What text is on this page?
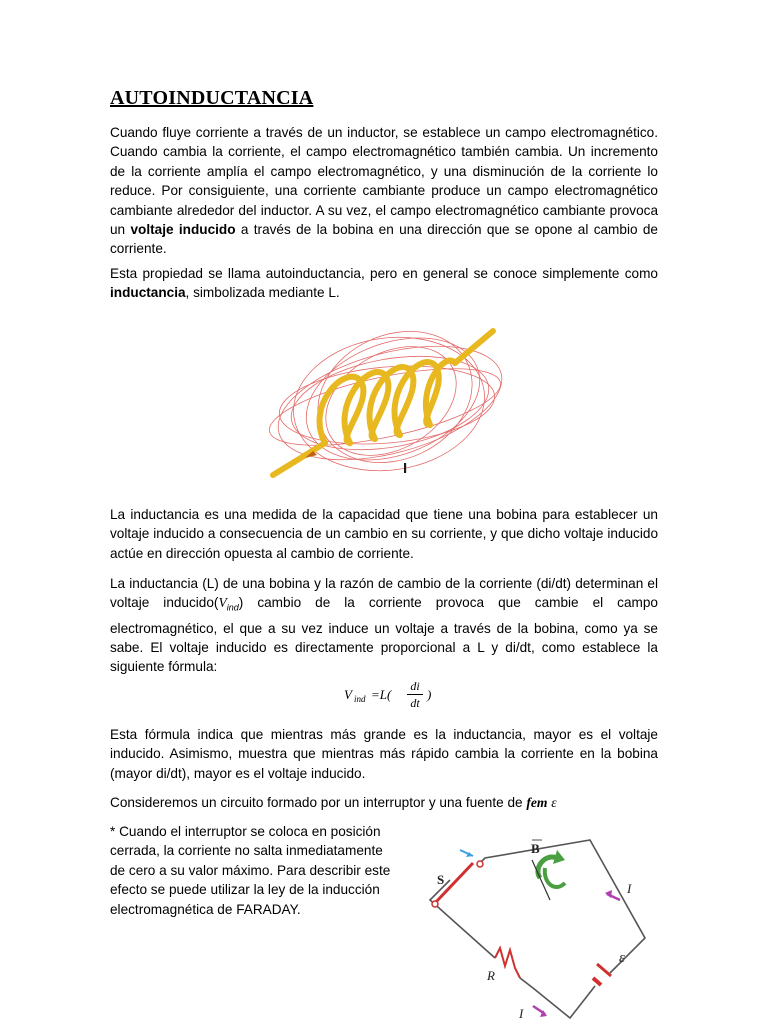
AUTOINDUCTANCIA

Cuando fluye corriente a través de un inductor, se establece un campo electromagnético. Cuando cambia la corriente, el campo electromagnético también cambia. Un incremento de la corriente amplía el campo electromagnético, y una disminución de la corriente lo reduce. Por consiguiente, una corriente cambiante produce un campo electromagnético cambiante alrededor del inductor. A su vez, el campo electromagnético cambiante provoca un voltaje inducido a través de la bobina en una dirección que se opone al cambio de corriente.

Esta propiedad se llama autoinductancia, pero en general se conoce simplemente como inductancia, simbolizada mediante L.

I

La inductancia es una medida de la capacidad que tiene una bobina para establecer un voltaje inducido a consecuencia de un cambio en su corriente, y que dicho voltaje inducido actúe en dirección opuesta al cambio de corriente.

La inductancia (L) de una bobina y la razón de cambio de la corriente (di/dt) determinan el voltaje $inducido(V_{ind})$ cambio de la corriente provoca que cambie el campo electromagnético, el que a su vez induce un voltaje a través de la bobina, como ya se sabe. El voltaje inducido es directamente proporcional a L y di/dt, como establece la siguiente fórmula:

V ind =L(
di
dt
)

Esta fórmula indica que mientras más grande es la inductancia, mayor es el voltaje inducido. Asimismo, muestra que mientras más rápido cambia la corriente en la bobina (mayor di/dt), mayor es el voltaje inducido.

Consideremos un circuito formado por un interruptor y una fuente de fem ε

* Cuando el interruptor se coloca en posición cerrada, la corriente no salta inmediatamente de cero a su valor máximo. Para describir este efecto se puede utilizar la ley de la inducción electromagnética de FARADAY.

S
B
I
ε
R
I
